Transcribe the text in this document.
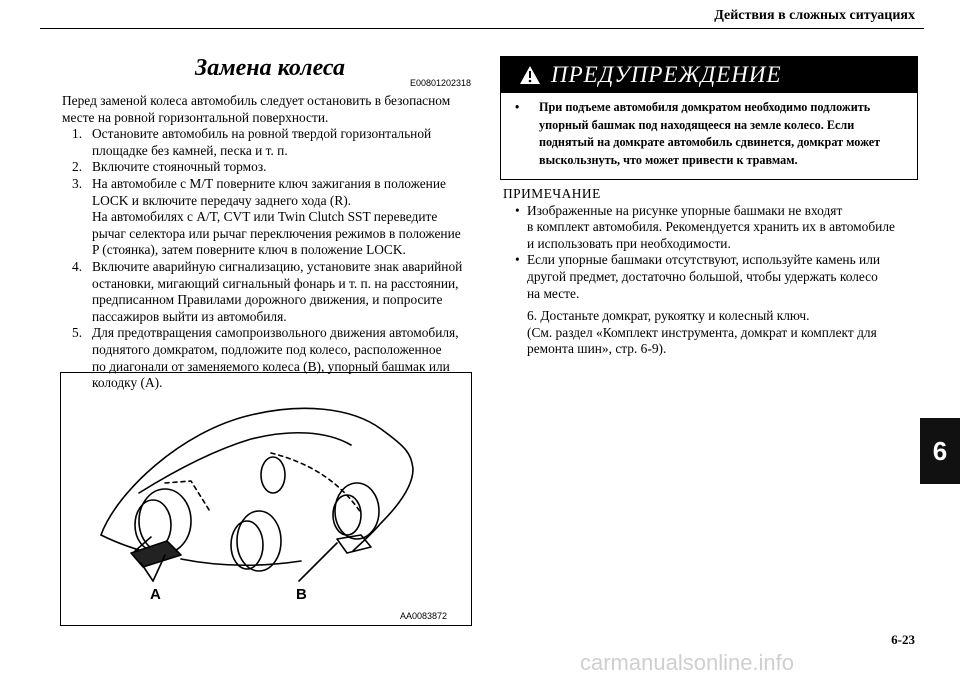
Действия в сложных ситуациях
Замена колеса
E00801202318

Перед заменой колеса автомобиль следует остановить в безопасном
месте на ровной горизонтальной поверхности.

1. Остановите автомобиль на ровной твердой горизонтальной
площадке без камней, песка и т. п.
2. Включите стояночный тормоз.
3. На автомобиле с M/T поверните ключ зажигания в положение
LOCK и включите передачу заднего хода (R).
На автомобилях с A/T, CVT или Twin Clutch SST переведите
рычаг селектора или рычаг переключения режимов в положение
P (стоянка), затем поверните ключ в положение LOCK.
4. Включите аварийную сигнализацию, установите знак аварийной
остановки, мигающий сигнальный фонарь и т. п. на расстоянии,
предписанном Правилами дорожного движения, и попросите
пассажиров выйти из автомобиля.
5. Для предотвращения самопроизвольного движения автомобиля,
поднятого домкратом, подложите под колесо, расположенное
по диагонали от заменяемого колеса (B), упорный башмак или
колодку (A).
A	B
AA0083872
ПРЕДУПРЕЖДЕНИЕ
• При подъеме автомобиля домкратом необходимо подложить
упорный башмак под находящееся на земле колесо. Если
поднятый на домкрате автомобиль сдвинется, домкрат может
выскользнуть, что может привести к травмам.
ПРИМЕЧАНИЕ
• Изображенные на рисунке упорные башмаки не входят
в комплект автомобиля. Рекомендуется хранить их в автомобиле
и использовать при необходимости.
• Если упорные башмаки отсутствуют, используйте камень или
другой предмет, достаточно большой, чтобы удержать колесо
на месте.
6. Достаньте домкрат, рукоятку и колесный ключ.
(См. раздел «Комплект инструмента, домкрат и комплект для
ремонта шин», стр. 6-9).
6
6-23
carmanualsonline.info
